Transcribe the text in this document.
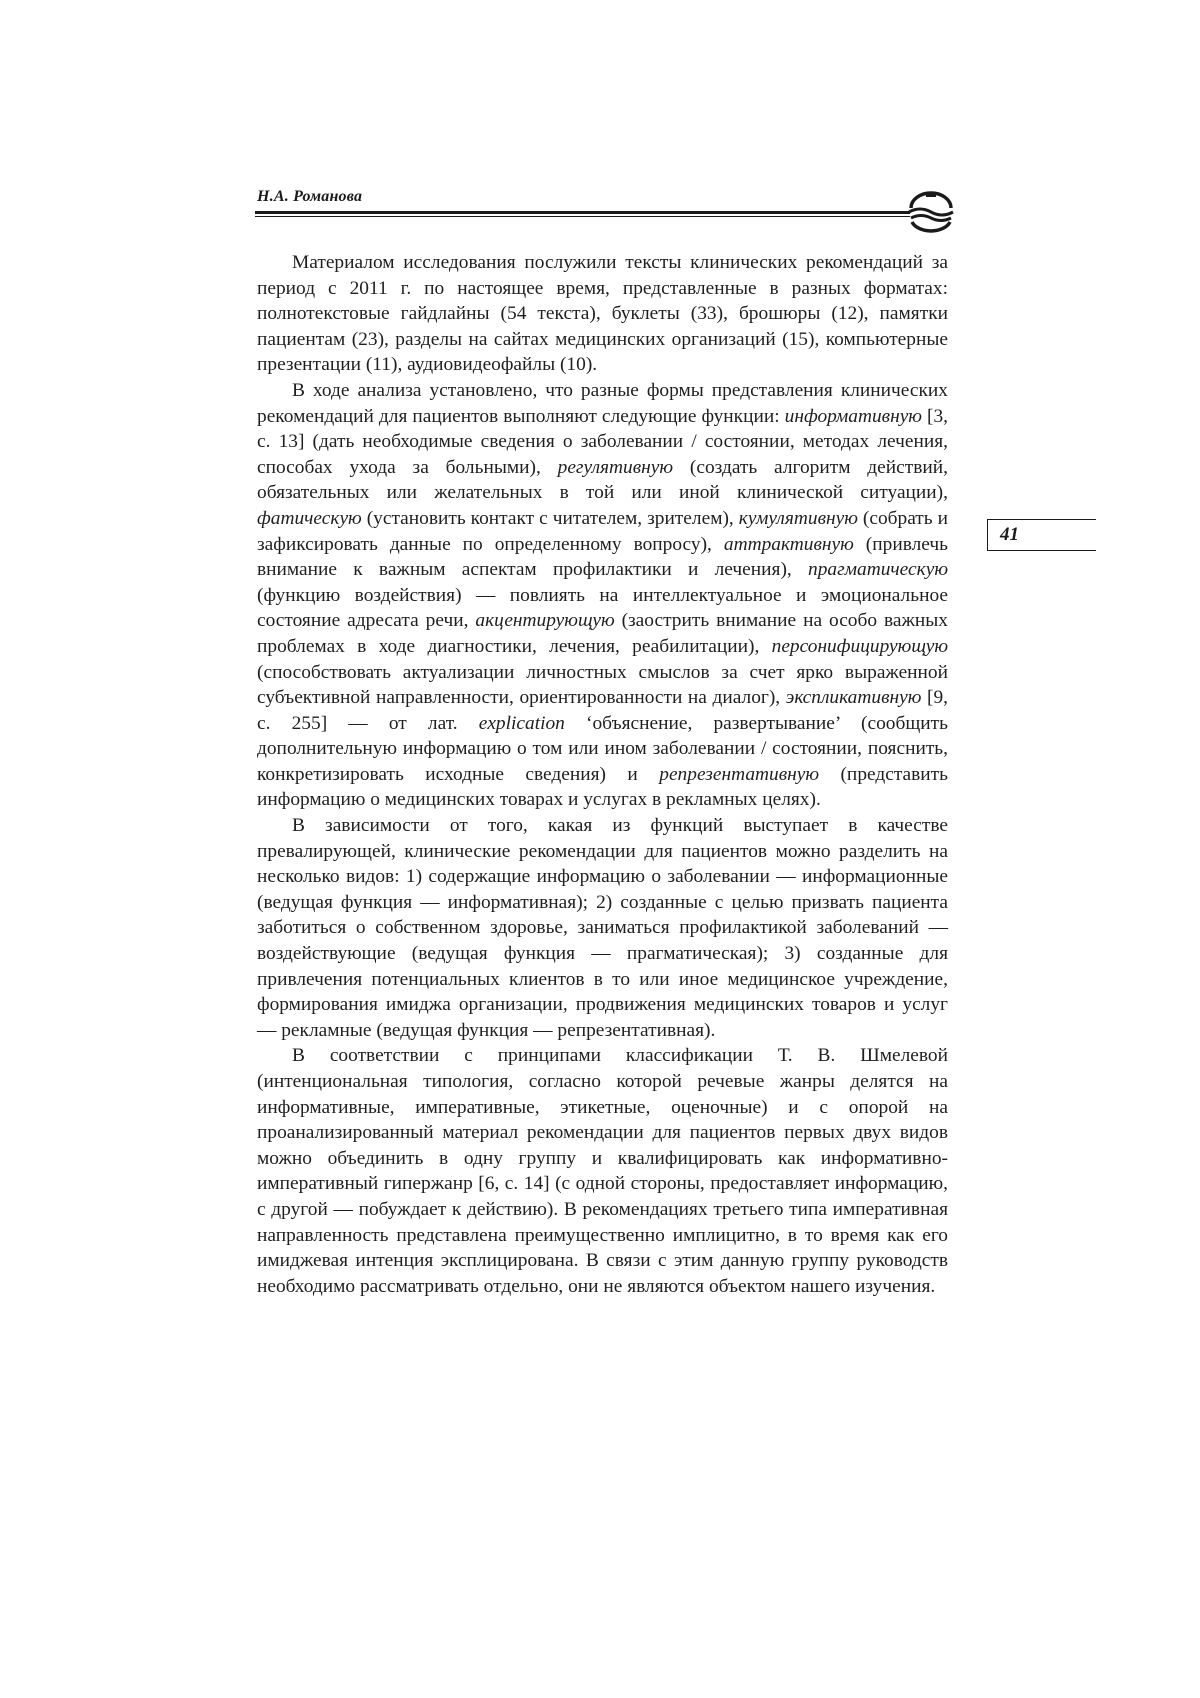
Н.А. Романова
41

Материалом исследования послужили тексты клинических рекомендаций за период с 2011 г. по настоящее время, представленные в разных форматах: полнотекстовые гайдлайны (54 текста), буклеты (33), брошюры (12), памятки пациентам (23), разделы на сайтах медицинских организаций (15), компьютерные презентации (11), аудиовидеофайлы (10).

В ходе анализа установлено, что разные формы представления клинических рекомендаций для пациентов выполняют следующие функции: информативную [3, с. 13] (дать необходимые сведения о заболевании / состоянии, методах лечения, способах ухода за больными), регулятивную (создать алгоритм действий, обязательных или желательных в той или иной клинической ситуации), фатическую (установить контакт с читателем, зрителем), кумулятивную (собрать и зафиксировать данные по определенному вопросу), аттрактивную (привлечь внимание к важным аспектам профилактики и лечения), прагматическую (функцию воздействия) — повлиять на интеллектуальное и эмоциональное состояние адресата речи, акцентирующую (заострить внимание на особо важных проблемах в ходе диагностики, лечения, реабилитации), персонифицирующую (способствовать актуализации личностных смыслов за счет ярко выраженной субъективной направленности, ориентированности на диалог), экспликативную [9, с. 255] — от лат. explication ‘объяснение, развертывание’ (сообщить дополнительную информацию о том или ином заболевании / состоянии, пояснить, конкретизировать исходные сведения) и репрезентативную (представить информацию о медицинских товарах и услугах в рекламных целях).

В зависимости от того, какая из функций выступает в качестве превалирующей, клинические рекомендации для пациентов можно разделить на несколько видов: 1) содержащие информацию о заболевании — информационные (ведущая функция — информативная); 2) созданные с целью призвать пациента заботиться о собственном здоровье, заниматься профилактикой заболеваний — воздействующие (ведущая функция — прагматическая); 3) созданные для привлечения потенциальных клиентов в то или иное медицинское учреждение, формирования имиджа организации, продвижения медицинских товаров и услуг — рекламные (ведущая функция — репрезентативная).

В соответствии с принципами классификации Т. В. Шмелевой (интенциональная типология, согласно которой речевые жанры делятся на информативные, императивные, этикетные, оценочные) и с опорой на проанализированный материал рекомендации для пациентов первых двух видов можно объединить в одну группу и квалифицировать как информативно-императивный гипержанр [6, с. 14] (с одной стороны, предоставляет информацию, с другой — побуждает к действию). В рекомендациях третьего типа императивная направленность представлена преимущественно имплицитно, в то время как его имиджевая интенция эксплицирована. В связи с этим данную группу руководств необходимо рассматривать отдельно, они не являются объектом нашего изучения.
